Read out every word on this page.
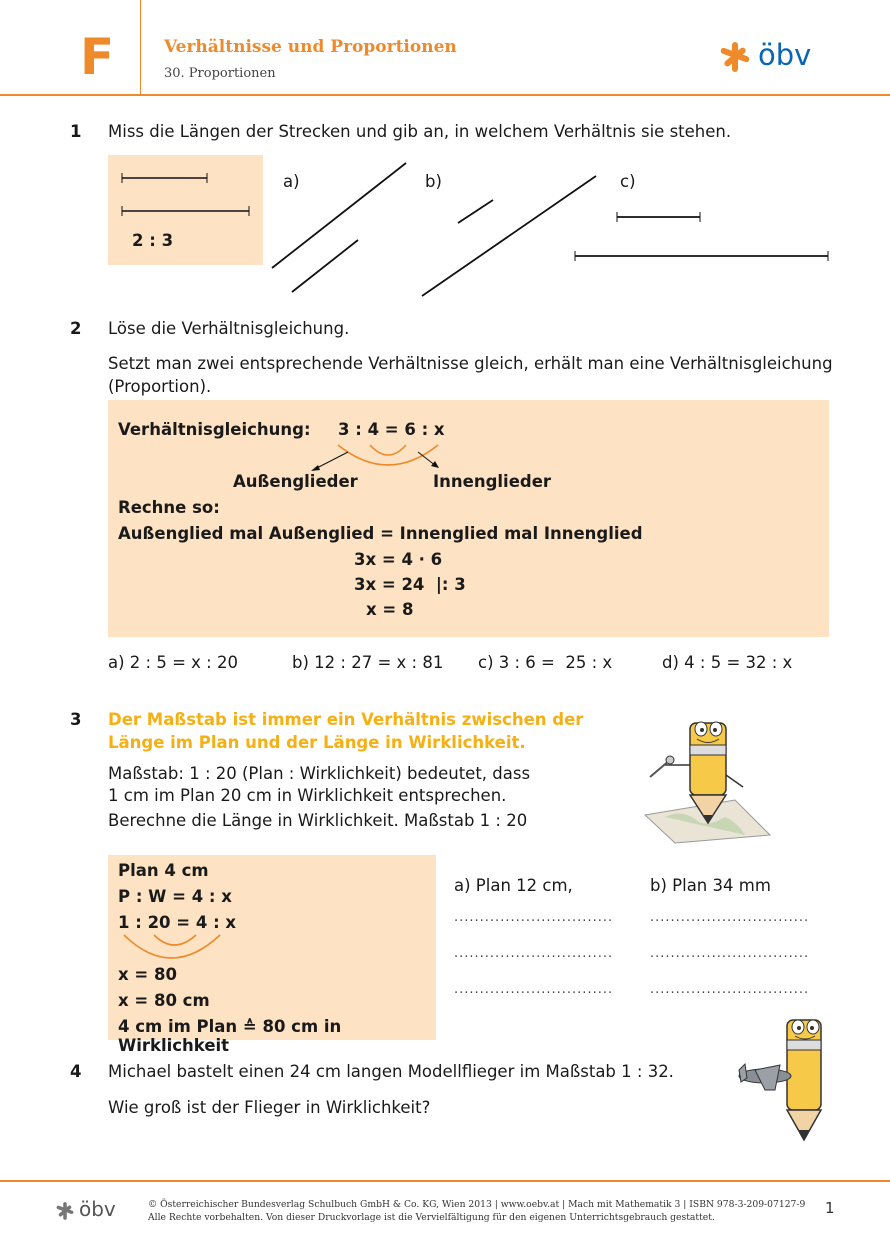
F	Verhältnisse und Proportionen
30. Proportionen
öbv
1 Miss die Längen der Strecken und gib an, in welchem Verhältnis sie stehen.
2 : 3
a)	b)	c)
2 Löse die Verhältnisgleichung.
Setzt man zwei entsprechende Verhältnisse gleich, erhält man eine Verhältnisgleichung (Proportion).
Verhältnisgleichung: 3 : 4 = 6 : x
Außenglieder	Innenglieder
Rechne so:
Außenglied mal Außenglied = Innenglied mal Innenglied
3x = 4 · 6
3x = 24  |: 3
x = 8
a) 2 : 5 = x : 20	b) 12 : 27 = x : 81 c) 3 : 6 =  25 : x	d) 4 : 5 = 32 : x
3 Der Maßstab ist immer ein Verhältnis zwischen der
Länge im Plan und der Länge in Wirklichkeit.
Maßstab: 1 : 20 (Plan : Wirklichkeit) bedeutet, dass
1 cm im Plan 20 cm in Wirklichkeit entsprechen.
Berechne die Länge in Wirklichkeit. Maßstab 1 : 20
Plan 4 cm
P : W = 4 : x
1 : 20 = 4 : x
x = 80
x = 80 cm
4 cm im Plan ≙ 80 cm in Wirklichkeit
a) Plan 12 cm,	b) Plan 34 mm
...............................
...............................
...............................
...............................
...............................
...............................
4 Michael bastelt einen 24 cm langen Modellflieger im Maßstab 1 : 32.
Wie groß ist der Flieger in Wirklichkeit?
öbv	© Österreichischer Bundesverlag Schulbuch GmbH & Co. KG, Wien 2013 | www.oebv.at | Mach mit Mathematik 3 | ISBN 978-3-209-07127-9
Alle Rechte vorbehalten. Von dieser Druckvorlage ist die Vervielfältigung für den eigenen Unterrichtsgebrauch gestattet.
1
